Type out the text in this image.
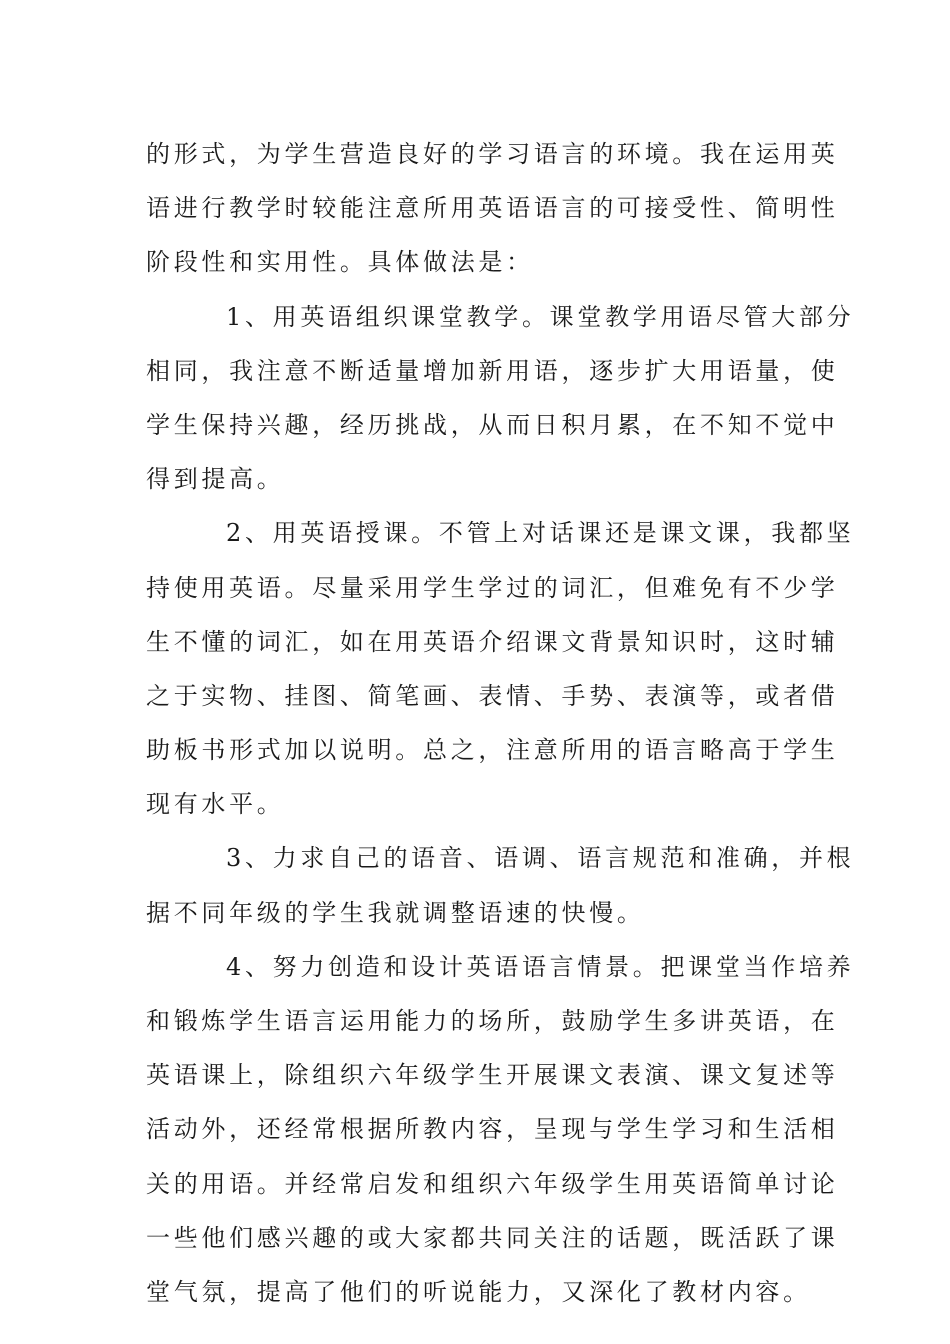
的形式，为学生营造良好的学习语言的环境。我在运用英
语进行教学时较能注意所用英语语言的可接受性、简明性
阶段性和实用性。具体做法是：
1、用英语组织课堂教学。课堂教学用语尽管大部分
相同，我注意不断适量增加新用语，逐步扩大用语量，使
学生保持兴趣，经历挑战，从而日积月累，在不知不觉中
得到提高。
2、用英语授课。不管上对话课还是课文课，我都坚
持使用英语。尽量采用学生学过的词汇，但难免有不少学
生不懂的词汇，如在用英语介绍课文背景知识时，这时辅
之于实物、挂图、简笔画、表情、手势、表演等，或者借
助板书形式加以说明。总之，注意所用的语言略高于学生
现有水平。
3、力求自己的语音、语调、语言规范和准确，并根
据不同年级的学生我就调整语速的快慢。
4、努力创造和设计英语语言情景。把课堂当作培养
和锻炼学生语言运用能力的场所，鼓励学生多讲英语，在
英语课上，除组织六年级学生开展课文表演、课文复述等
活动外，还经常根据所教内容，呈现与学生学习和生活相
关的用语。并经常启发和组织六年级学生用英语简单讨论
一些他们感兴趣的或大家都共同关注的话题，既活跃了课
堂气氛，提高了他们的听说能力，又深化了教材内容。
